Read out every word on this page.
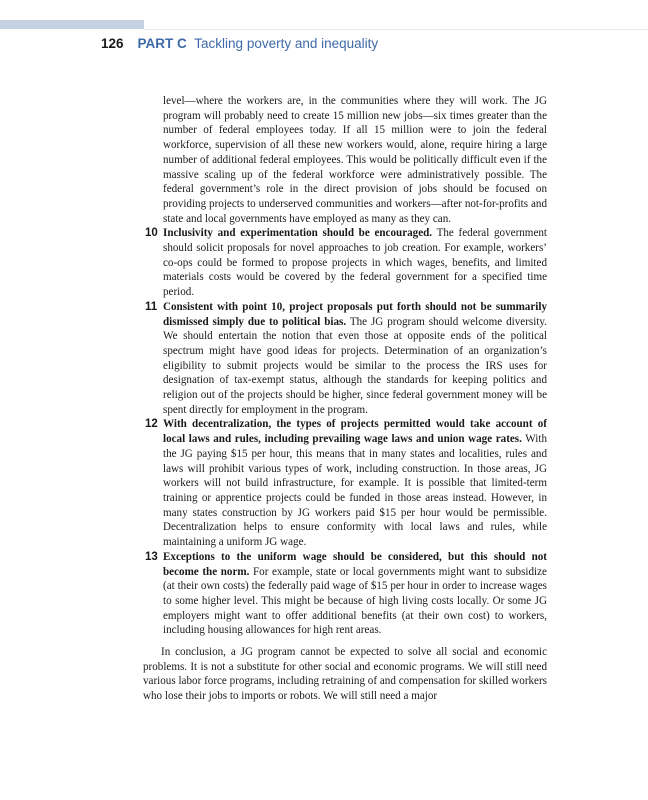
126 PART C Tackling poverty and inequality

level—where the workers are, in the communities where they will work. The JG program will probably need to create 15 million new jobs—six times greater than the number of federal employees today. If all 15 million were to join the federal workforce, supervision of all these new workers would, alone, require hiring a large number of additional federal employees. This would be politically difficult even if the massive scaling up of the federal workforce were administratively possible. The federal government’s role in the direct provision of jobs should be focused on providing projects to underserved communities and workers—after not-for-profits and state and local governments have employed as many as they can.

10 Inclusivity and experimentation should be encouraged. The federal government should solicit proposals for novel approaches to job creation. For example, workers’ co-ops could be formed to propose projects in which wages, benefits, and limited materials costs would be covered by the federal government for a specified time period.

11 Consistent with point 10, project proposals put forth should not be summarily dismissed simply due to political bias. The JG program should welcome diversity. We should entertain the notion that even those at opposite ends of the political spectrum might have good ideas for projects. Determination of an organization’s eligibility to submit projects would be similar to the process the IRS uses for designation of tax-exempt status, although the standards for keeping politics and religion out of the projects should be higher, since federal government money will be spent directly for employment in the program.

12 With decentralization, the types of projects permitted would take account of local laws and rules, including prevailing wage laws and union wage rates. With the JG paying $15 per hour, this means that in many states and localities, rules and laws will prohibit various types of work, including construction. In those areas, JG workers will not build infrastructure, for example. It is possible that limited-term training or apprentice projects could be funded in those areas instead. However, in many states construction by JG workers paid $15 per hour would be permissible. Decentralization helps to ensure conformity with local laws and rules, while maintaining a uniform JG wage.

13 Exceptions to the uniform wage should be considered, but this should not become the norm. For example, state or local governments might want to subsidize (at their own costs) the federally paid wage of $15 per hour in order to increase wages to some higher level. This might be because of high living costs locally. Or some JG employers might want to offer additional benefits (at their own cost) to workers, including housing allowances for high rent areas.

In conclusion, a JG program cannot be expected to solve all social and economic problems. It is not a substitute for other social and economic programs. We will still need various labor force programs, including retraining of and compensation for skilled workers who lose their jobs to imports or robots. We will still need a major
